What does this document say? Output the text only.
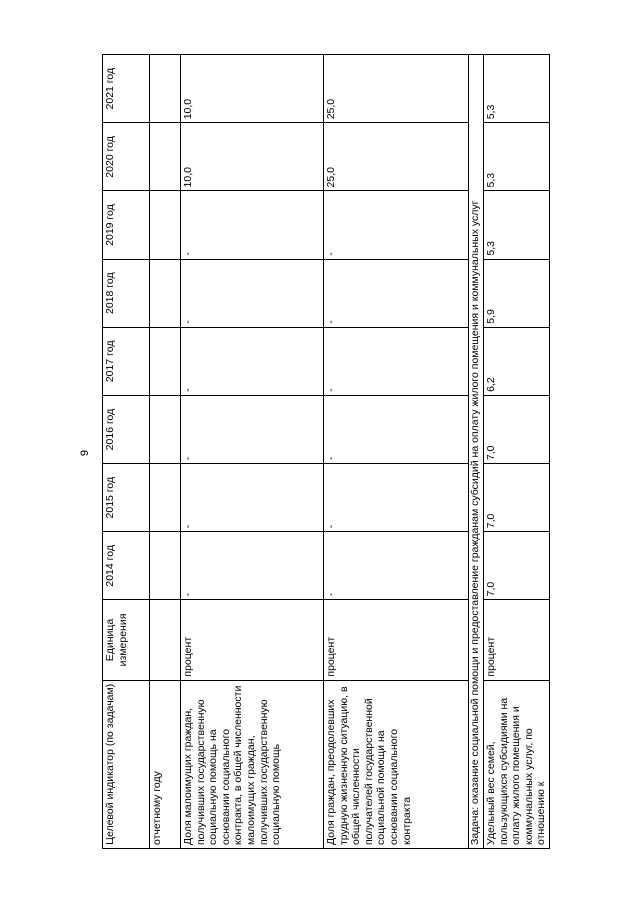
9
Целевой индикатор (по задачам)	Единица измерения	2014 год	2015 год	2016 год	2017 год	2018 год	2019 год	2020 год	2021 год
отчетному году									
Доля малоимущих граждан, получивших государственную социальную помощь на основании социального контракта, в общей численности малоимущих граждан, получивших государственную социальную помощь	процент	-	-	-	-	-	-	10,0	10,0
Доля граждан, преодолевших трудную жизненную ситуацию, в общей численности получателей государственной социальной помощи на основании социального контракта	процент	-	-	-	-	-	-	25,0	25,0
Задача: оказание социальной помощи и предоставление гражданам субсидий на оплату жилого помещения и коммунальных услуг									
Удельный вес семей, пользующихся субсидиями на оплату жилого помещения и коммунальных услуг, по отношению к	процент	7,0	7,0	7,0	6,2	5,9	5,3	5,3	5,3
